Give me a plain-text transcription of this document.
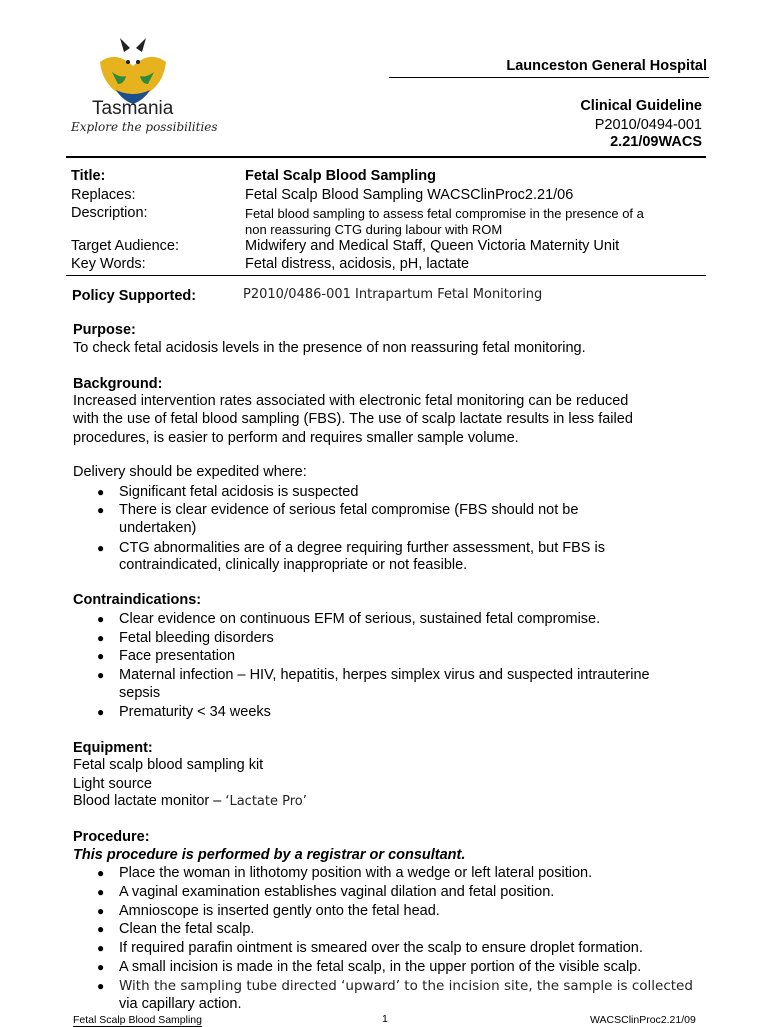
Tasmania
Explore the possibilities
Launceston General Hospital
Clinical Guideline
P2010/0494-001
2.21/09WACS
Title:	Fetal Scalp Blood Sampling
Replaces:	Fetal Scalp Blood Sampling WACSClinProc2.21/06
Description:	Fetal blood sampling to assess fetal compromise in the presence of a
non reassuring CTG during labour with ROM
Target Audience:	Midwifery and Medical Staff, Queen Victoria Maternity Unit
Key Words:	Fetal distress, acidosis, pH, lactate
Policy Supported:	P2010/0486-001 Intrapartum Fetal Monitoring
Purpose:
To check fetal acidosis levels in the presence of non reassuring fetal monitoring.
Background:
Increased intervention rates associated with electronic fetal monitoring can be reduced
with the use of fetal blood sampling (FBS). The use of scalp lactate results in less failed
procedures, is easier to perform and requires smaller sample volume.
Delivery should be expedited where:
● Significant fetal acidosis is suspected
● There is clear evidence of serious fetal compromise (FBS should not be
undertaken)
● CTG abnormalities are of a degree requiring further assessment, but FBS is
contraindicated, clinically inappropriate or not feasible.
Contraindications:
● Clear evidence on continuous EFM of serious, sustained fetal compromise.
● Fetal bleeding disorders
● Face presentation
● Maternal infection – HIV, hepatitis, herpes simplex virus and suspected intrauterine
sepsis
● Prematurity < 34 weeks
Equipment:
Fetal scalp blood sampling kit
Light source
Blood lactate monitor – ‘Lactate Pro’
Procedure:
This procedure is performed by a registrar or consultant.
● Place the woman in lithotomy position with a wedge or left lateral position.
● A vaginal examination establishes vaginal dilation and fetal position.
● Amnioscope is inserted gently onto the fetal head.
● Clean the fetal scalp.
● If required parafin ointment is smeared over the scalp to ensure droplet formation.
● A small incision is made in the fetal scalp, in the upper portion of the visible scalp.
● With the sampling tube directed ‘upward’ to the incision site, the sample is collected
via capillary action.
Fetal Scalp Blood Sampling	1	WACSClinProc2.21/09
